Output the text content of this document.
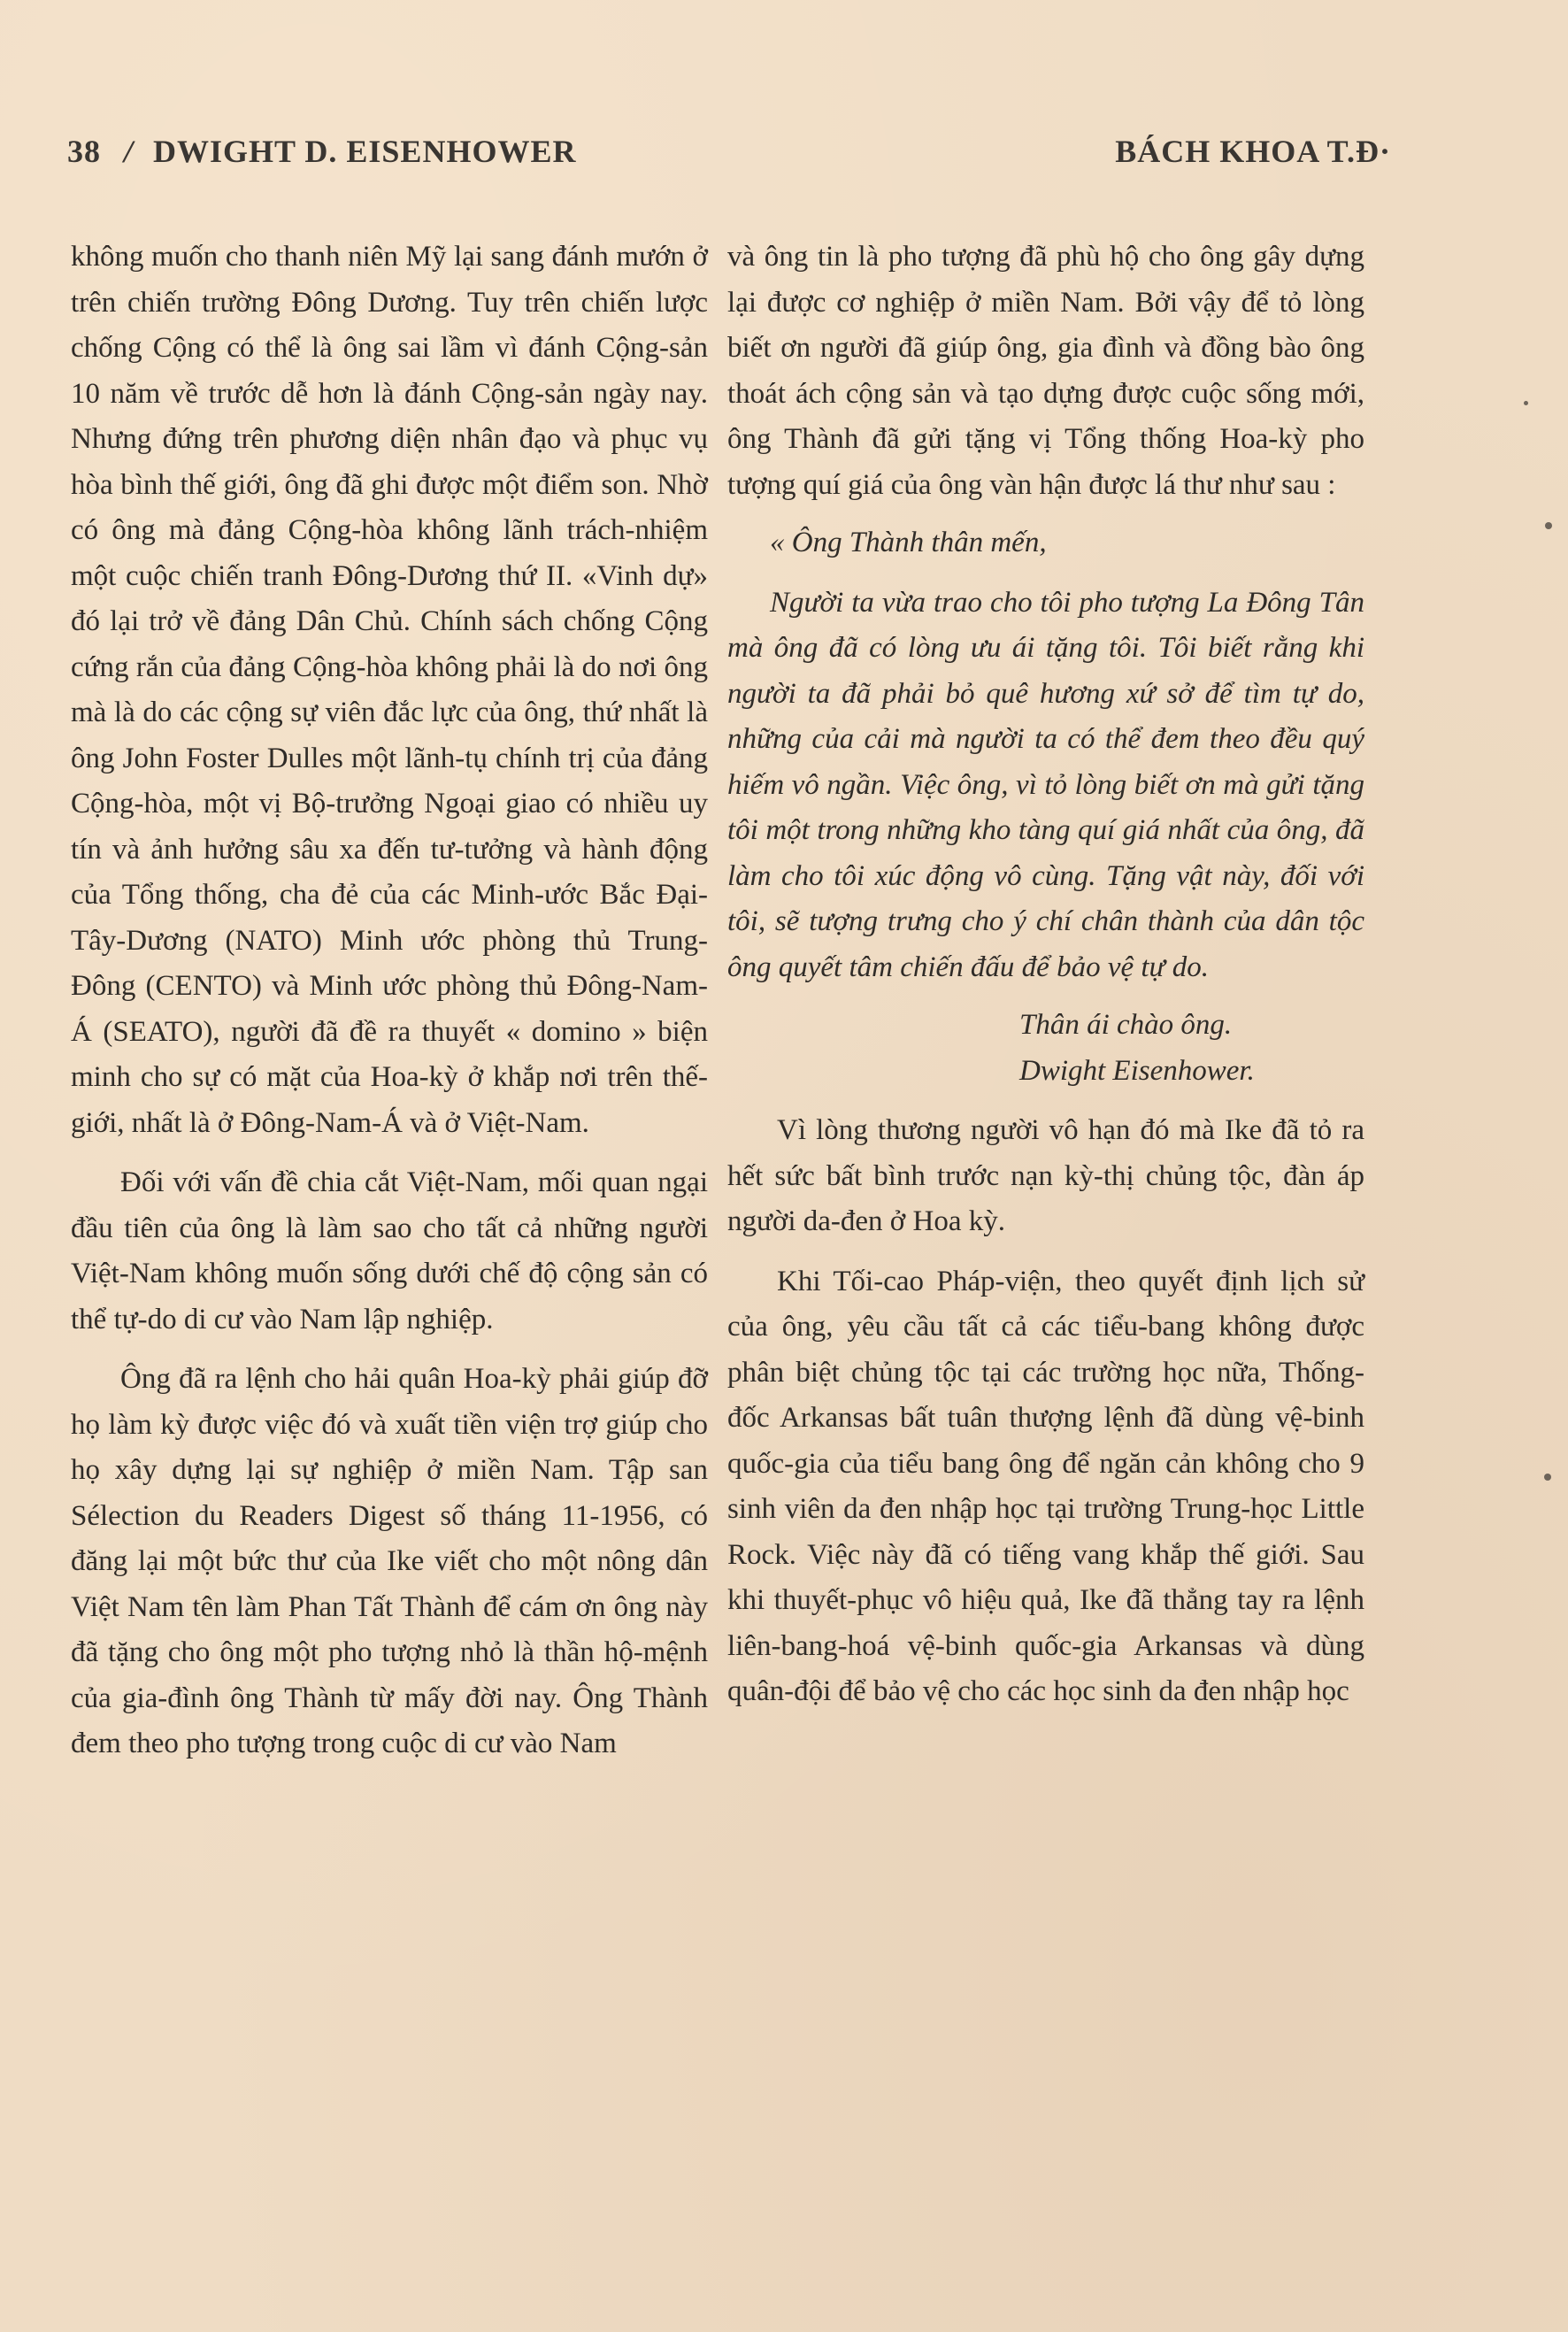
38 / DWIGHT D. EISENHOWER	BÁCH KHOA T.Đ·

không muốn cho thanh niên Mỹ lại sang đánh mướn ở trên chiến trường Đông Dương. Tuy trên chiến lược chống Cộng có thể là ông sai lầm vì đánh Cộng-sản 10 năm về trước dễ hơn là đánh Cộng-sản ngày nay. Nhưng đứng trên phương diện nhân đạo và phục vụ hòa bình thế giới, ông đã ghi được một điểm son. Nhờ có ông mà đảng Cộng-hòa không lãnh trách-nhiệm một cuộc chiến tranh Đông-Dương thứ II. «Vinh dự» đó lại trở về đảng Dân Chủ. Chính sách chống Cộng cứng rắn của đảng Cộng-hòa không phải là do nơi ông mà là do các cộng sự viên đắc lực của ông, thứ nhất là ông John Foster Dulles một lãnh-tụ chính trị của đảng Cộng-hòa, một vị Bộ-trưởng Ngoại giao có nhiều uy tín và ảnh hưởng sâu xa đến tư-tưởng và hành động của Tổng thống, cha đẻ của các Minh-ước Bắc Đại-Tây-Dương (NATO) Minh ước phòng thủ Trung-Đông (CENTO) và Minh ước phòng thủ Đông-Nam-Á (SEATO), người đã đề ra thuyết « domino » biện minh cho sự có mặt của Hoa-kỳ ở khắp nơi trên thế-giới, nhất là ở Đông-Nam-Á và ở Việt-Nam.

Đối với vấn đề chia cắt Việt-Nam, mối quan ngại đầu tiên của ông là làm sao cho tất cả những người Việt-Nam không muốn sống dưới chế độ cộng sản có thể tự-do di cư vào Nam lập nghiệp.

Ông đã ra lệnh cho hải quân Hoa-kỳ phải giúp đỡ họ làm kỳ được việc đó và xuất tiền viện trợ giúp cho họ xây dựng lại sự nghiệp ở miền Nam. Tập san Sélection du Readers Digest số tháng 11-1956, có đăng lại một bức thư của Ike viết cho một nông dân Việt Nam tên làm Phan Tất Thành để cám ơn ông này đã tặng cho ông một pho tượng nhỏ là thần hộ-mệnh của gia-đình ông Thành từ mấy đời nay. Ông Thành đem theo pho tượng trong cuộc di cư vào Nam

và ông tin là pho tượng đã phù hộ cho ông gây dựng lại được cơ nghiệp ở miền Nam. Bởi vậy để tỏ lòng biết ơn người đã giúp ông, gia đình và đồng bào ông thoát ách cộng sản và tạo dựng được cuộc sống mới, ông Thành đã gửi tặng vị Tổng thống Hoa-kỳ pho tượng quí giá của ông vàn hận được lá thư như sau :

« Ông Thành thân mến,

Người ta vừa trao cho tôi pho tượng La Đông Tân mà ông đã có lòng ưu ái tặng tôi. Tôi biết rằng khi người ta đã phải bỏ quê hương xứ sở để tìm tự do, những của cải mà người ta có thể đem theo đều quý hiếm vô ngần. Việc ông, vì tỏ lòng biết ơn mà gửi tặng tôi một trong những kho tàng quí giá nhất của ông, đã làm cho tôi xúc động vô cùng. Tặng vật này, đối với tôi, sẽ tượng trưng cho ý chí chân thành của dân tộc ông quyết tâm chiến đấu để bảo vệ tự do.

Thân ái chào ông.

Dwight Eisenhower.

Vì lòng thương người vô hạn đó mà Ike đã tỏ ra hết sức bất bình trước nạn kỳ-thị chủng tộc, đàn áp người da-đen ở Hoa kỳ.

Khi Tối-cao Pháp-viện, theo quyết định lịch sử của ông, yêu cầu tất cả các tiểu-bang không được phân biệt chủng tộc tại các trường học nữa, Thống-đốc Arkansas bất tuân thượng lệnh đã dùng vệ-binh quốc-gia của tiểu bang ông để ngăn cản không cho 9 sinh viên da đen nhập học tại trường Trung-học Little Rock. Việc này đã có tiếng vang khắp thế giới. Sau khi thuyết-phục vô hiệu quả, Ike đã thẳng tay ra lệnh liên-bang-hoá vệ-binh quốc-gia Arkansas và dùng quân-đội để bảo vệ cho các học sinh da đen nhập học
